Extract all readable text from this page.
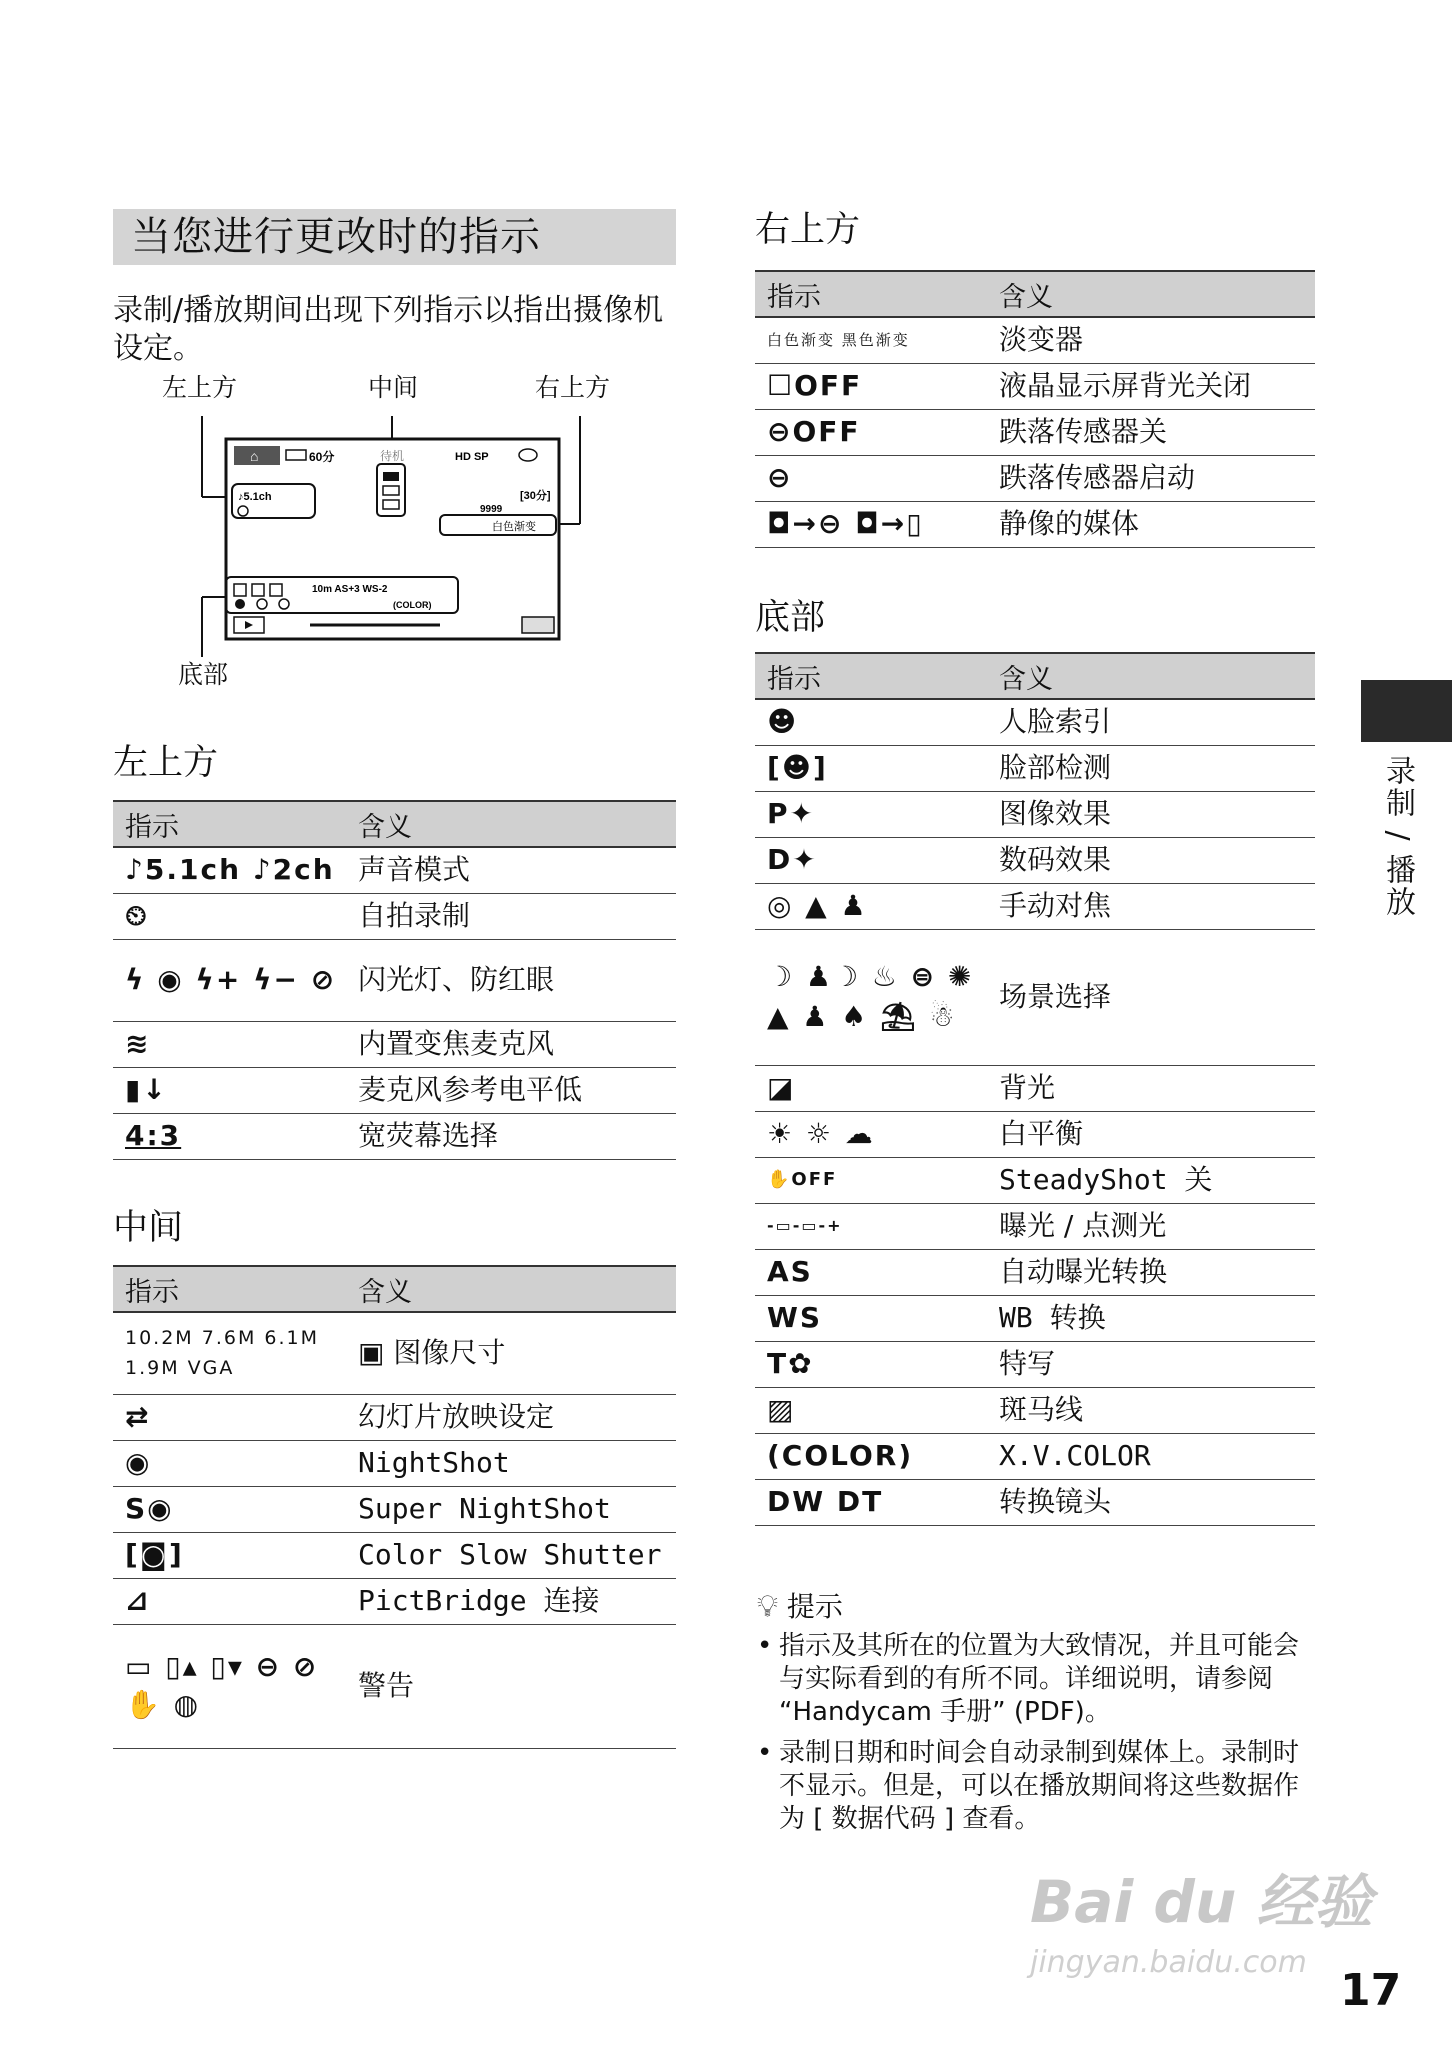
当您进行更改时的指示
录制/播放期间出现下列指示以指出摄像机设定。
左上方	中间	右上方
⌂	60分	待机	HD SP
♪5.1ch	[30分]
9999
白色渐变
10m AS+3 WS-2
(COLOR)
底部
左上方
指示	含义
♪5.1ch ♪2ch	声音模式
⏲	自拍录制
ϟ ◉ ϟ+ ϟ− ⊘	闪光灯、防红眼
≋	内置变焦麦克风
▮↓	麦克风参考电平低
4:3	宽荧幕选择
中间
指示	含义
10.2M 7.6M 6.1M 1.9M VGA	▣ 图像尺寸
⇄	幻灯片放映设定
◉	NightShot
S◉	Super NightShot
[◙]	Color Slow Shutter
⊿	PictBridge 连接
▭ ▯▴ ▯▾ ⊖ ⊘ ✋ ◍	警告
右上方
指示	含义
白色渐变 黑色渐变	淡变器
☐OFF	液晶显示屏背光关闭
⊖OFF	跌落传感器关
⊖	跌落传感器启动
◘→⊖ ◘→▯	静像的媒体
底部
指示	含义
☻	人脸索引
[☻]	脸部检测
P✦	图像效果
D✦	数码效果
◎ ▲ ♟	手动对焦
☽ ♟☽ ♨ ⊜ ✺ ▲ ♟ ♠ ⛱ ☃	场景选择
◪	背光
☀ ☼ ☁	白平衡
✋OFF	SteadyShot 关
-▭-▭-+	曝光 / 点测光
AS	自动曝光转换
WS	WB 转换
T✿	特写
▨	斑马线
(COLOR)	X.V.COLOR
DW DT	转换镜头
录制 / 播放
💡︎ 提示
• 指示及其所在的位置为大致情况，并且可能会与实际看到的有所不同。详细说明，请参阅 “Handycam 手册” (PDF)。
• 录制日期和时间会自动录制到媒体上。录制时不显示。但是，可以在播放期间将这些数据作为 [ 数据代码 ] 查看。
Bai du 经验
jingyan.baidu.com
17
